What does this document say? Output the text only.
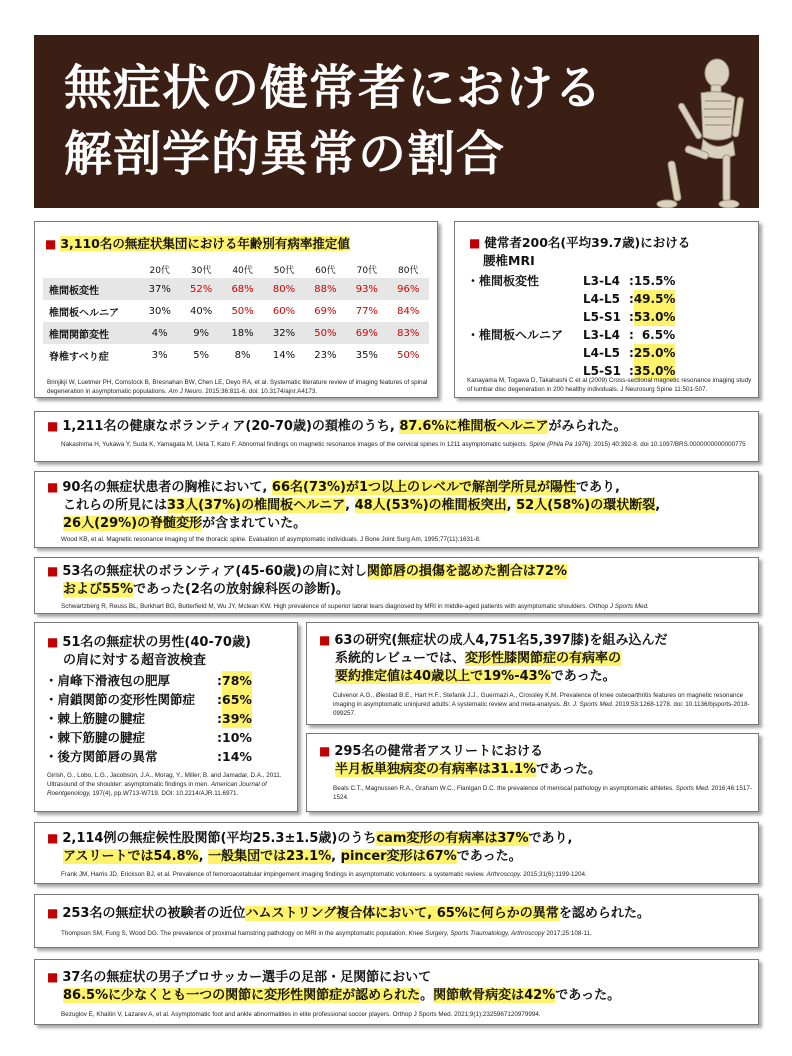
無症状の健常者における
解剖学的異常の割合
■ 3,110名の無症状集団における年齢別有病率推定値
	20代	30代	40代	50代	60代	70代	80代
椎間板変性	37%	52%	68%	80%	88%	93%	96%
椎間板ヘルニア	30%	40%	50%	60%	69%	77%	84%
椎間関節変性	4%	9%	18%	32%	50%	69%	83%
脊椎すべり症	3%	5%	8%	14%	23%	35%	50%
Brinjikji W, Luetmer PH, Comstock B, Bresnahan BW, Chen LE, Deyo RA, et al. Systematic literature review of imaging features of spinal degeneration in asymptomatic populations. Am J Neuro. 2015;36:811-6. doi: 10.3174/ajnr.A4173.
■ 健常者200名(平均39.7歳)における
腰椎MRI
・椎間板変性	L3-L4 : 15.5%
L4-L5 : 49.5%
L5-S1 : 53.0%
・椎間板ヘルニア	L3-L4 : 6.5%
L4-L5 : 25.0%
L5-S1 : 35.0%
Kanayama M, Togawa D, Takahashi C et al (2009) Cross-sectional magnetic resonance imaging study of lumbar disc degeneration in 200 healthy individuals. J Neurosurg Spine 11:501-507.
■ 1,211名の健康なボランティア(20-70歳)の頚椎のうち, 87.6%に椎間板ヘルニアがみられた。
Nakashima H, Yukawa Y, Suda K, Yamagata M, Ueta T, Kato F. Abnormal findings on magnetic resonance images of the cervical spines in 1211 asymptomatic subjects. Spine (Phila Pa 1976). 2015) 40:392-8. doi 10.1097/BRS.0000000000000775
■ 90名の無症状患者の胸椎において, 66名(73%)が1つ以上のレベルで解剖学所見が陽性であり,
これらの所見には33人(37%)の椎間板ヘルニア, 48人(53%)の椎間板突出, 52人(58%)の環状断裂,
26人(29%)の脊髄変形が含まれていた。
Wood KB, et al. Magnetic resonance imaging of the thoracic spine. Evaluation of asymptomatic individuals. J Bone Joint Surg Am, 1995;77(11):1631-8.
■ 53名の無症状のボランティア(45-60歳)の肩に対し関節唇の損傷を認めた割合は72%
および55%であった(2名の放射線科医の診断)。
Schwartzberg R, Reuss BL, Burkhart BG, Butterfield M, Wu JY, Mclean KW. High prevalence of superior labral tears diagnosed by MRI in middle-aged patients with asymptomatic shoulders. Orthop J Sports Med.
■ 51名の無症状の男性(40-70歳)
の肩に対する超音波検査
・肩峰下滑液包の肥厚	: 78%
・肩鎖関節の変形性関節症	: 65%
・棘上筋腱の腱症	: 39%
・棘下筋腱の腱症	: 10%
・後方関節唇の異常	: 14%
Girish, G., Lobo, L.G., Jacobson, J.A., Morag, Y., Miller, B. and Jamadar, D.A., 2011. Ultrasound of the shoulder: asymptomatic findings in men. American Journal of Roentgenology, 197(4), pp.W713-W719. DOI: 10.2214/AJR.11.6971.
■ 63の研究(無症状の成人4,751名5,397膝)を組み込んだ
系統的レビューでは、変形性膝関節症の有病率の
要約推定値は40歳以上で19%-43%であった。
Culvenor A.G., Øiestad B.E., Hart H.F., Stefanik J.J., Guermazi A., Crossley K.M. Prevalence of knee osteoarthritis features on magnetic resonance imaging in asymptomatic uninjured adults: A systematic review and meta-analysis. Br. J. Sports Med. 2019;53:1268-1278. doi: 10.1136/bjsports-2018-099257.
■ 295名の健常者アスリートにおける
半月板単独病変の有病率は31.1%であった。
Beals C.T., Magnussen R.A., Graham W.C., Flanigan D.C. the prevalence of meniscal pathology in asymptomatic athletes. Sports Med. 2016;46:1517-1524.
■ 2,114例の無症候性股関節(平均25.3±1.5歳)のうちcam変形の有病率は37%であり,
アスリートでは54.8%, 一般集団では23.1%, pincer変形は67%であった。
Frank JM, Harris JD, Erickson BJ, et al. Prevalence of femoroacetabular impingement imaging findings in asymptomatic volunteers: a systematic review. Arthroscopy. 2015;31(6):1199-1204.
■ 253名の無症状の被験者の近位ハムストリング複合体において, 65%に何らかの異常を認められた。
Thompson SM, Fung S, Wood DG. The prevalence of proximal hamstring pathology on MRI in the asymptomatic population. Knee Surgery, Sports Traumatology, Arthroscopy 2017;25:108-11.
■ 37名の無症状の男子プロサッカー選手の足部・足関節において
86.5%に少なくとも一つの関節に変形性関節症が認められた。関節軟骨病変は42%であった。
Bezuglov E, Khaitin V, Lazarev A, et al. Asymptomatic foot and ankle abnormalities in elite professional soccer players. Orthop J Sports Med. 2021;9(1):2325967120979994.
